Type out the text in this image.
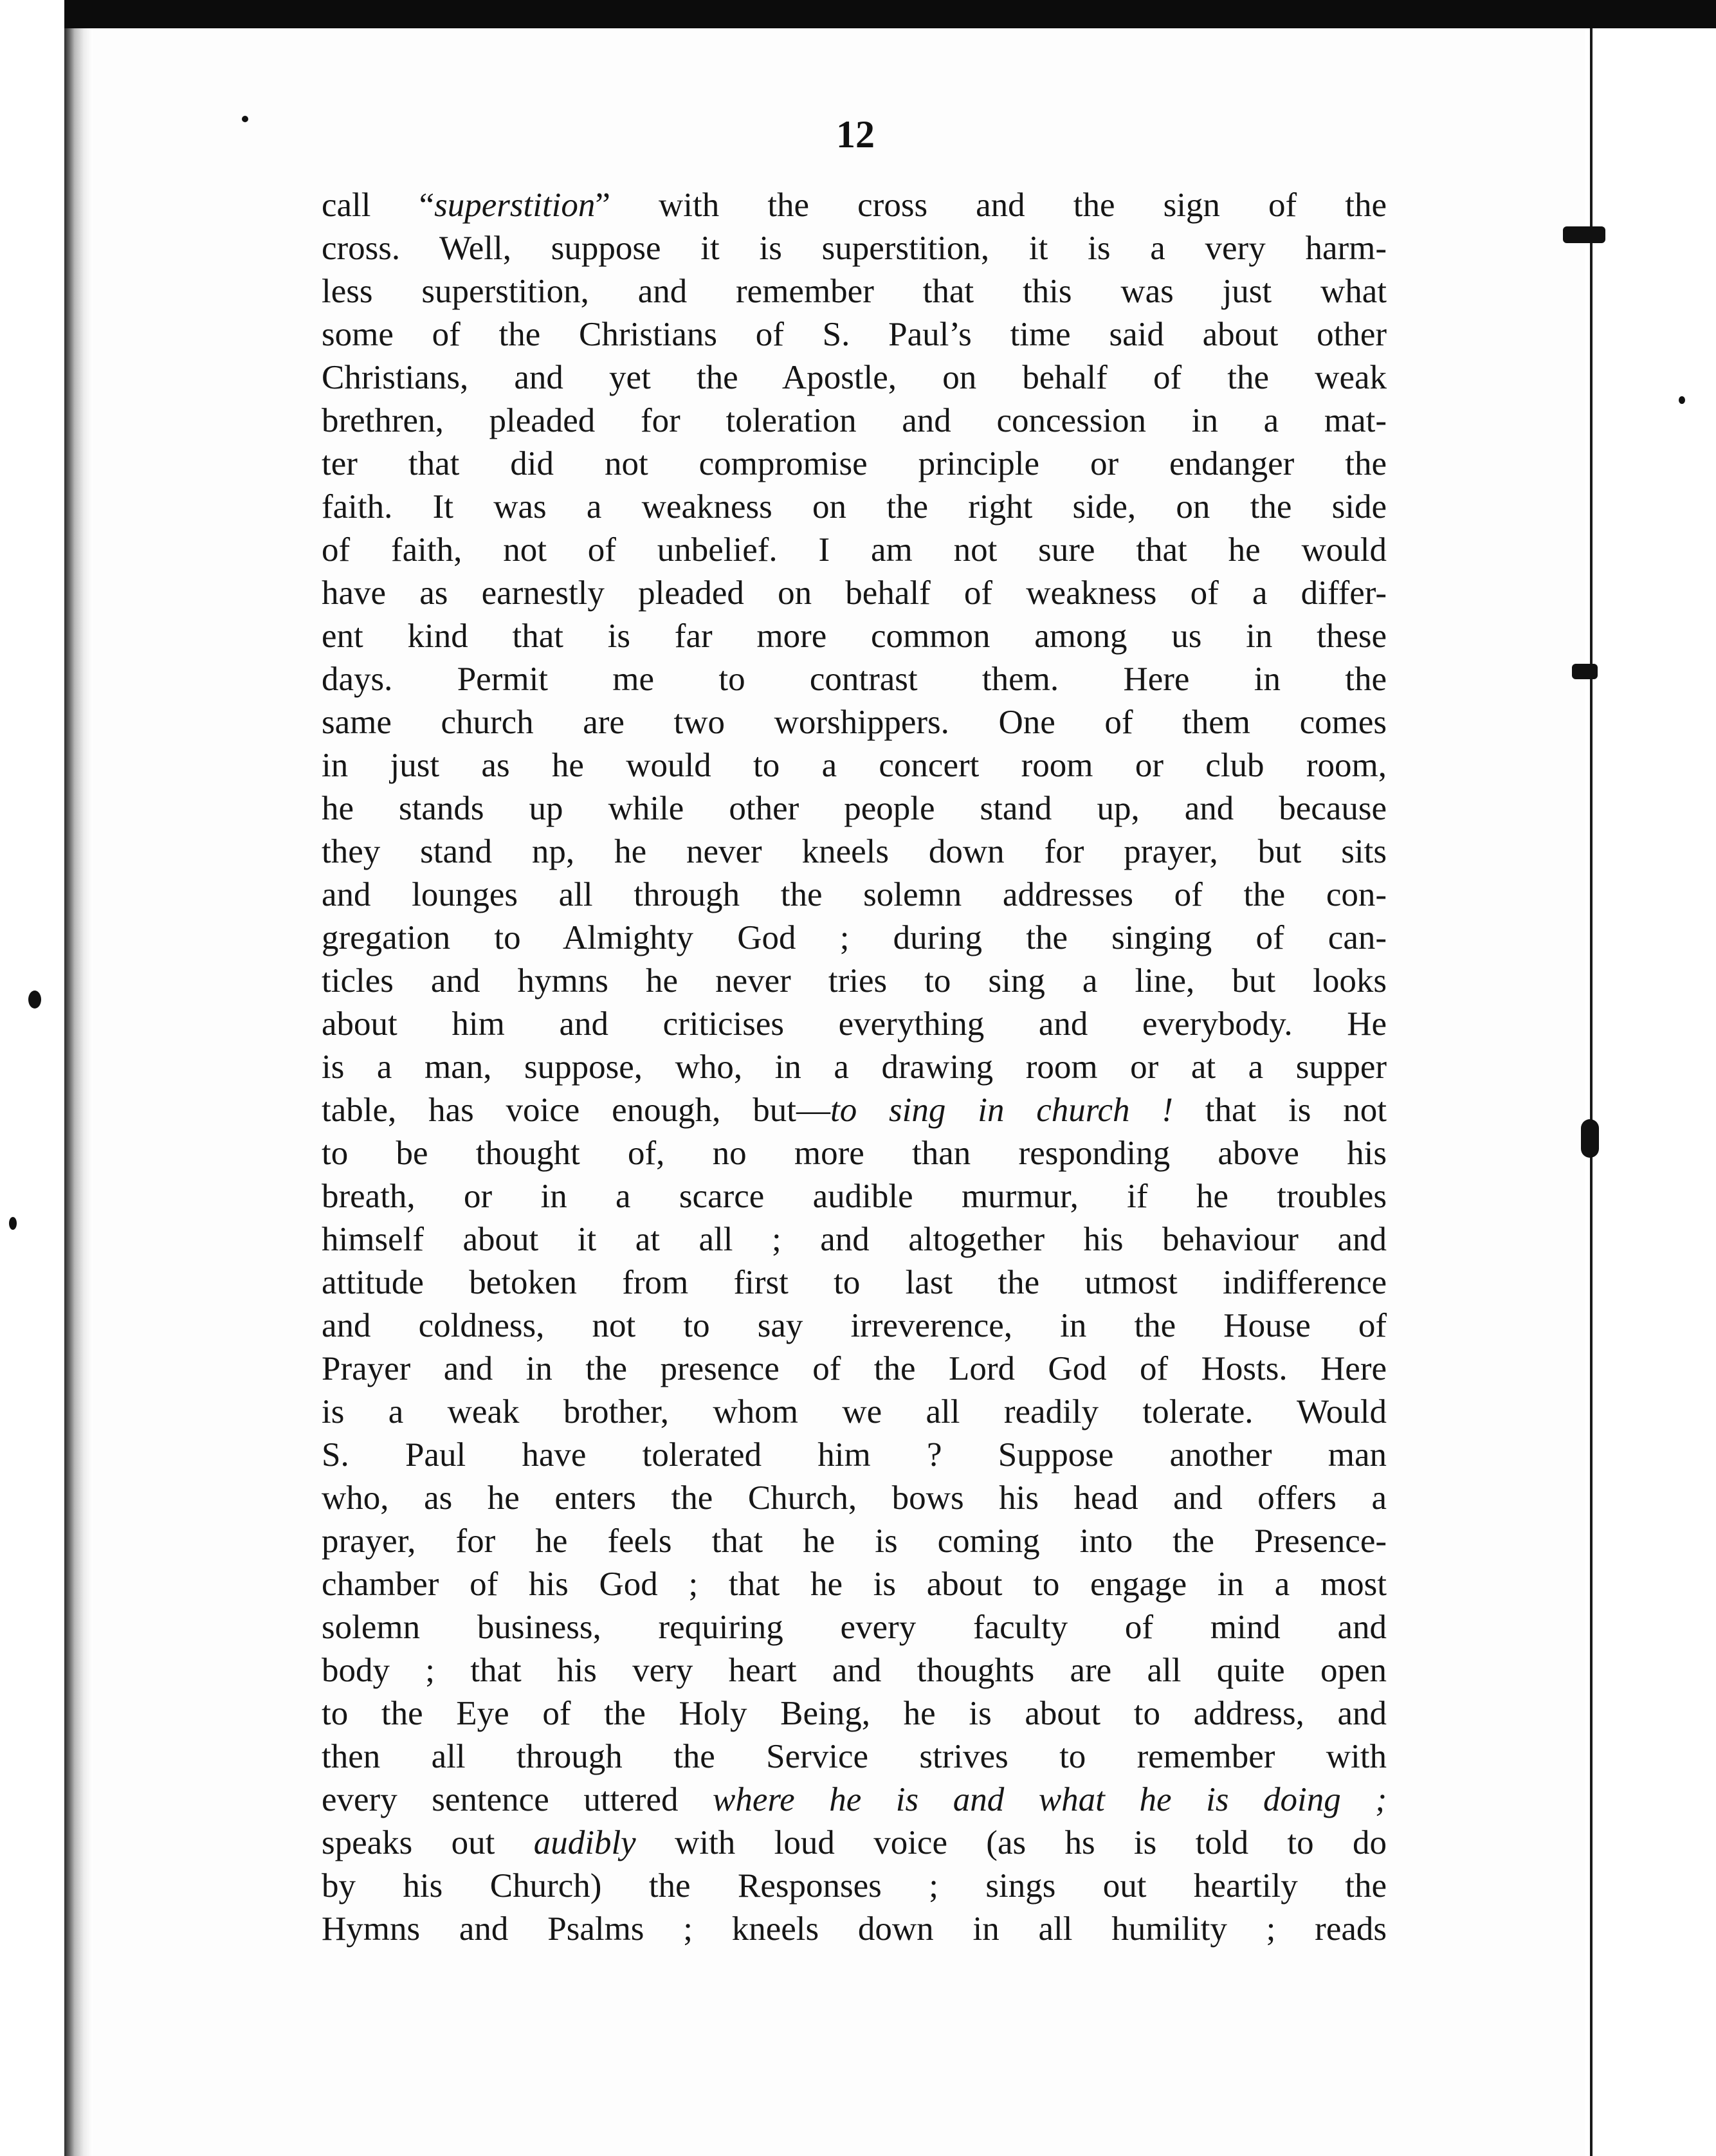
12
call “superstition” with the cross and the sign of the
cross. Well, suppose it is superstition, it is a very harm-
less superstition, and remember that this was just what
some of the Christians of S. Paul’s time said about other
Christians, and yet the Apostle, on behalf of the weak
brethren, pleaded for toleration and concession in a mat-
ter that did not compromise principle or endanger the
faith. It was a weakness on the right side, on the side
of faith, not of unbelief. I am not sure that he would
have as earnestly pleaded on behalf of weakness of a differ-
ent kind that is far more common among us in these
days. Permit me to contrast them. Here in the
same church are two worshippers. One of them comes
in just as he would to a concert room or club room,
he stands up while other people stand up, and because
they stand np, he never kneels down for prayer, but sits
and lounges all through the solemn addresses of the con-
gregation to Almighty God ; during the singing of can-
ticles and hymns he never tries to sing a line, but looks
about him and criticises everything and everybody. He
is a man, suppose, who, in a drawing room or at a supper
table, has voice enough, but—to sing in church ! that is not
to be thought of, no more than responding above his
breath, or in a scarce audible murmur, if he troubles
himself about it at all ; and altogether his behaviour and
attitude betoken from first to last the utmost indifference
and coldness, not to say irreverence, in the House of
Prayer and in the presence of the Lord God of Hosts. Here
is a weak brother, whom we all readily tolerate. Would
S. Paul have tolerated him ? Suppose another man
who, as he enters the Church, bows his head and offers a
prayer, for he feels that he is coming into the Presence-
chamber of his God ; that he is about to engage in a most
solemn business, requiring every faculty of mind and
body ; that his very heart and thoughts are all quite open
to the Eye of the Holy Being, he is about to address, and
then all through the Service strives to remember with
every sentence uttered where he is and what he is doing ;
speaks out audibly with loud voice (as hs is told to do
by his Church) the Responses ; sings out heartily the
Hymns and Psalms ; kneels down in all humility ; reads
